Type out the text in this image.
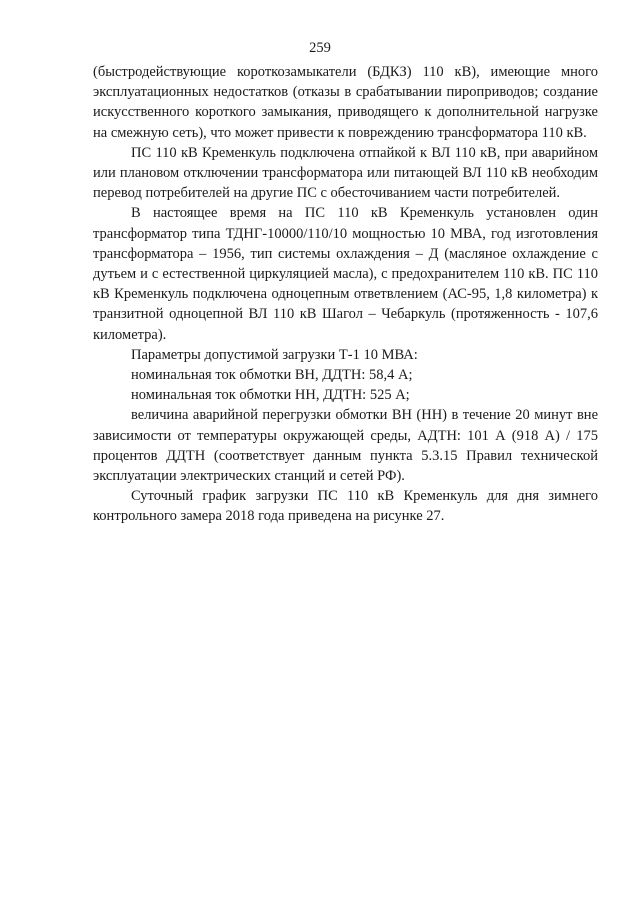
259

(быстродействующие короткозамыкатели (БДКЗ) 110 кВ), имеющие много эксплуатационных недостатков (отказы в срабатывании пироприводов; создание искусственного короткого замыкания, приводящего к дополнительной нагрузке на смежную сеть), что может привести к повреждению трансформатора 110 кВ.

ПС 110 кВ Кременкуль подключена отпайкой к ВЛ 110 кВ, при аварийном или плановом отключении трансформатора или питающей ВЛ 110 кВ необходим перевод потребителей на другие ПС с обесточиванием части потребителей.

В настоящее время на ПС 110 кВ Кременкуль установлен один трансформатор типа ТДНГ-10000/110/10 мощностью 10 МВА, год изготовления трансформатора – 1956, тип системы охлаждения – Д (масляное охлаждение с дутьем и с естественной циркуляцией масла), с предохранителем 110 кВ. ПС 110 кВ Кременкуль подключена одноцепным ответвлением (АС-95, 1,8 километра) к транзитной одноцепной ВЛ 110 кВ Шагол – Чебаркуль (протяженность - 107,6 километра).

Параметры допустимой загрузки Т-1 10 МВА:

номинальная ток обмотки ВН, ДДТН: 58,4 А;

номинальная ток обмотки НН, ДДТН: 525 А;

величина аварийной перегрузки обмотки ВН (НН) в течение 20 минут вне зависимости от температуры окружающей среды, АДТН: 101 А (918 А) / 175 процентов ДДТН (соответствует данным пункта 5.3.15 Правил технической эксплуатации электрических станций и сетей РФ).

Суточный график загрузки ПС 110 кВ Кременкуль для дня зимнего контрольного замера 2018 года приведена на рисунке 27.
